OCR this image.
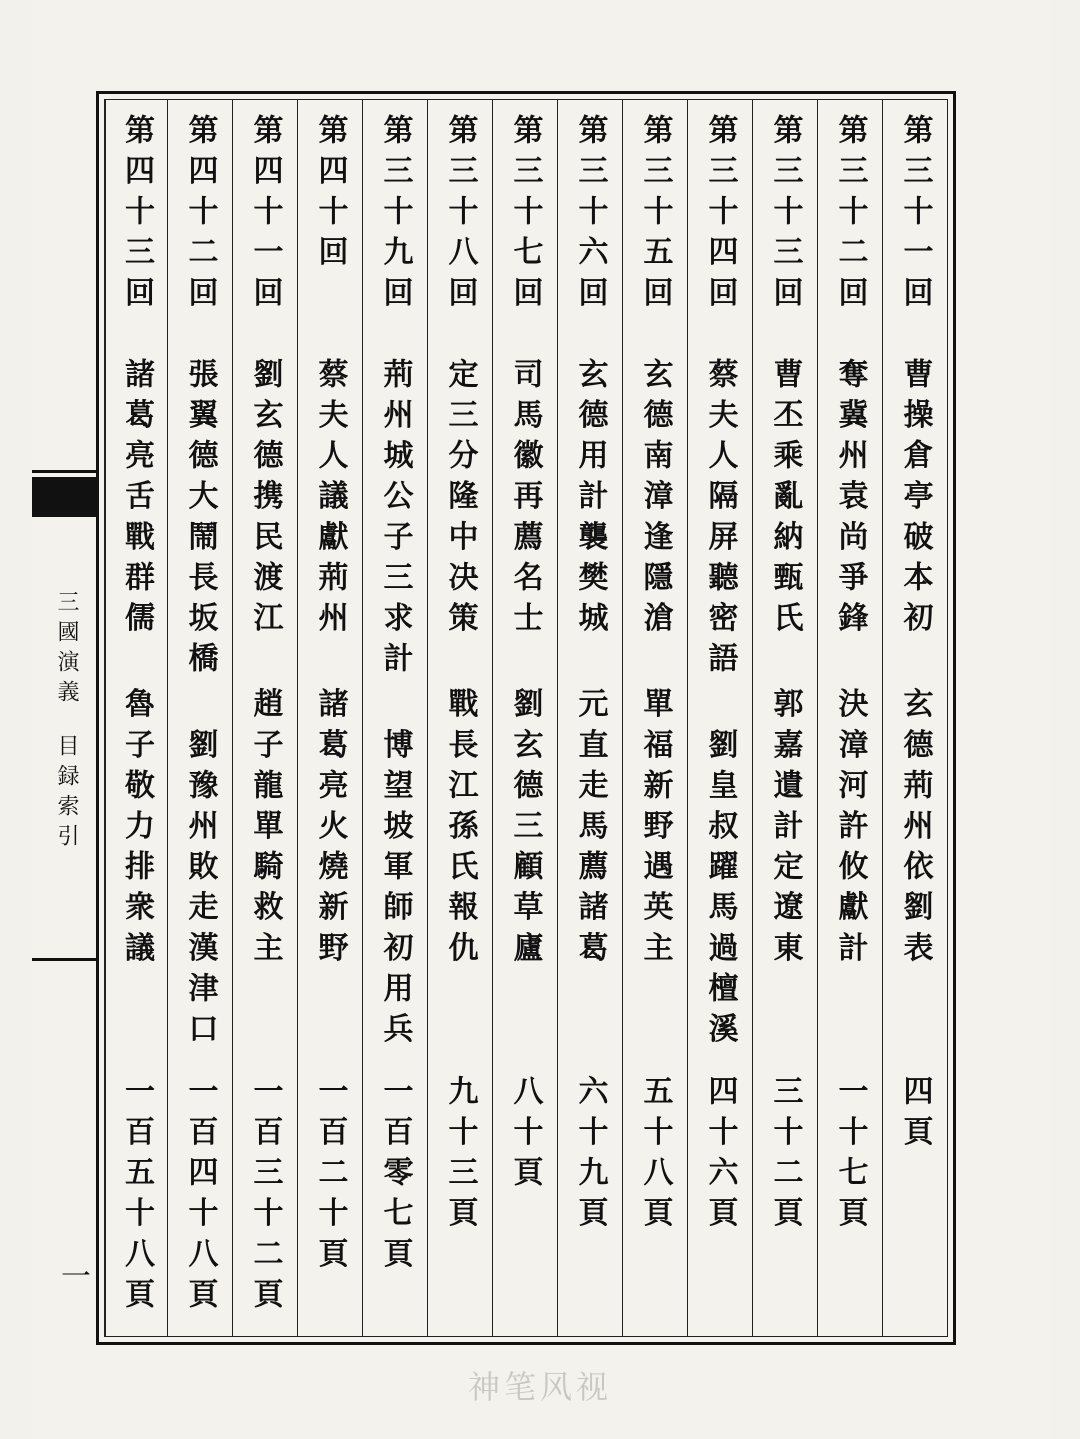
三國演義
目録索引
一
第三十一回
曹操倉亭破本初 玄德荊州依劉表
四頁
第三十二回
奪冀州袁尚爭鋒 決漳河許攸獻計
一十七頁
第三十三回
曹丕乘亂納甄氏 郭嘉遺計定遼東
三十二頁
第三十四回
蔡夫人隔屏聽密語 劉皇叔躍馬過檀溪
四十六頁
第三十五回
玄德南漳逢隱滄 單福新野遇英主
五十八頁
第三十六回
玄德用計襲樊城 元直走馬薦諸葛
六十九頁
第三十七回
司馬徽再薦名士 劉玄德三顧草廬
八十頁
第三十八回
定三分隆中决策 戰長江孫氏報仇
九十三頁
第三十九回
荊州城公子三求計 博望坡軍師初用兵
一百零七頁
第四十回
蔡夫人議獻荊州 諸葛亮火燒新野
一百二十頁
第四十一回
劉玄德携民渡江 趙子龍單騎救主
一百三十二頁
第四十二回
張翼德大鬧長坂橋 劉豫州敗走漢津口
一百四十八頁
第四十三回
諸葛亮舌戰群儒 魯子敬力排衆議
一百五十八頁
神笔风视
